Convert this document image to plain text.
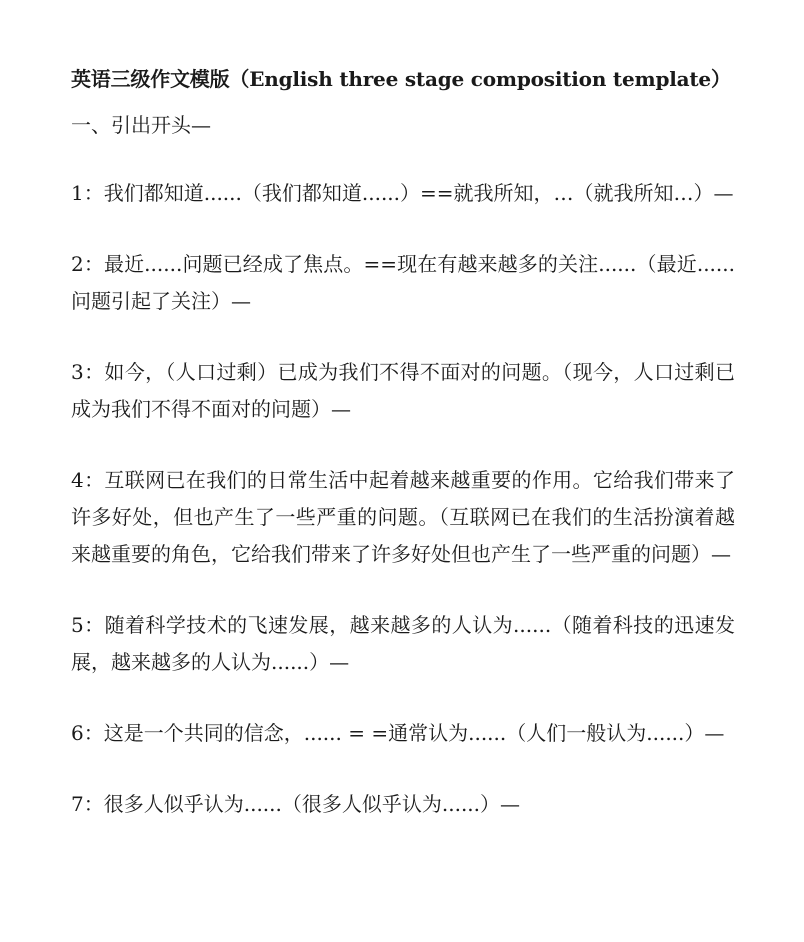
英语三级作文模版（English three stage composition template）
一、引出开头—
1：我们都知道......（我们都知道......）==就我所知，…（就我所知…）—
2：最近......问题已经成了焦点。==现在有越来越多的关注......（最近......问题引起了关注）—
3：如今，（人口过剩）已成为我们不得不面对的问题。（现今，人口过剩已成为我们不得不面对的问题）—
4：互联网已在我们的日常生活中起着越来越重要的作用。它给我们带来了许多好处，但也产生了一些严重的问题。（互联网已在我们的生活扮演着越来越重要的角色，它给我们带来了许多好处但也产生了一些严重的问题）—
5：随着科学技术的飞速发展，越来越多的人认为......（随着科技的迅速发展，越来越多的人认为......）—
6：这是一个共同的信念，...... = =通常认为......（人们一般认为......）—
7：很多人似乎认为......（很多人似乎认为......）—
